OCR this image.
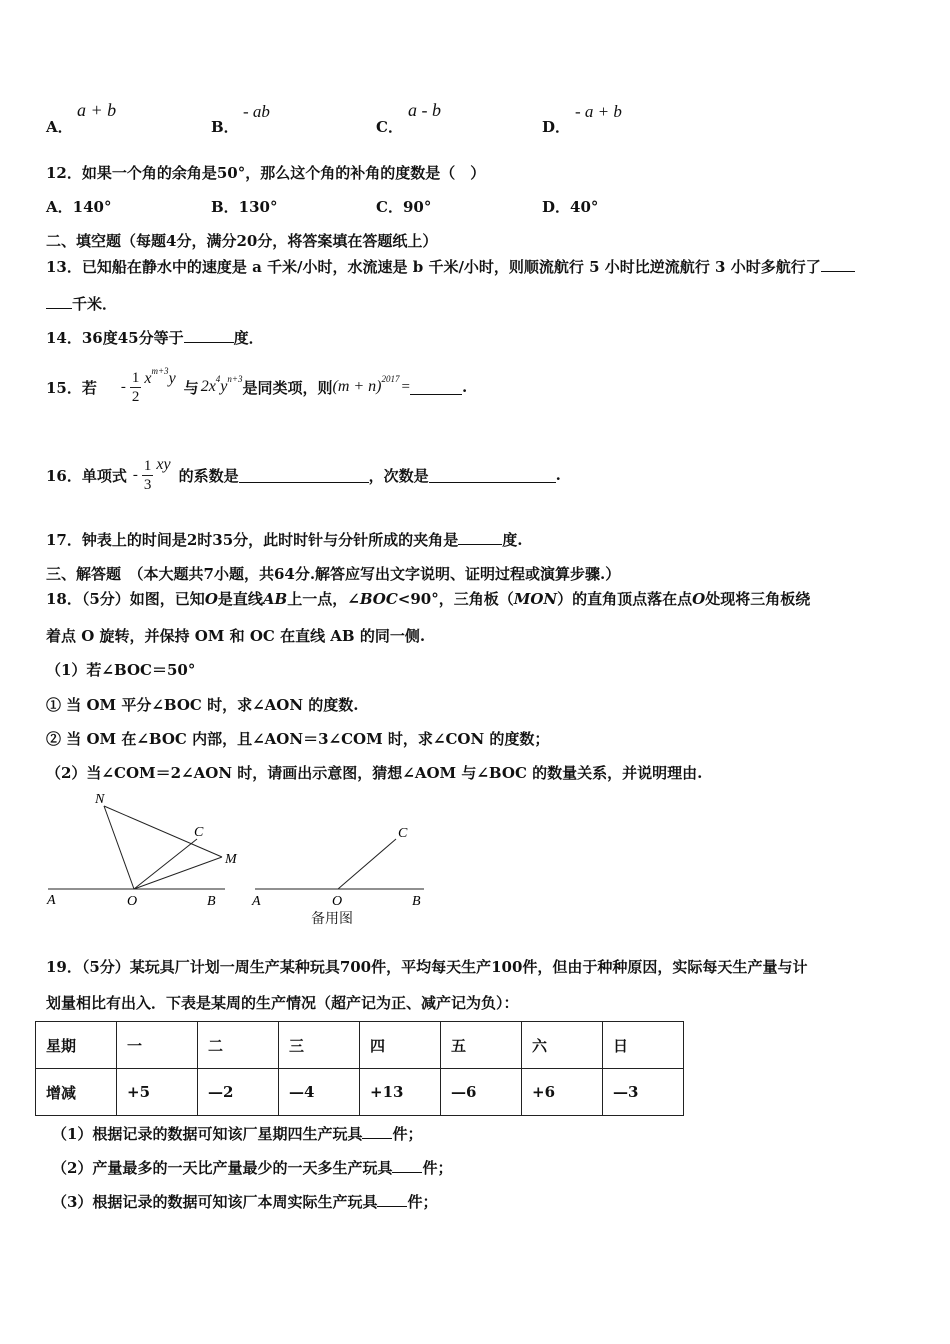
A．
a + b
B．
- ab
C．
a - b
D．
- a + b
12．如果一个角的余角是50°，那么这个角的补角的度数是（　）
A．140°	B．130°	C．90°	D．40°
二、填空题（每题4分，满分20分，将答案填在答题纸上）
13．已知船在静水中的速度是 a 千米/小时，水流速是 b 千米/小时，则顺流航行 5 小时比逆流航行 3 小时多航行了
千米．
14．36度45分等于	度．
15．若 - $\frac{1}{2} x^{m+3}y$ 与 $2x^4y^{n+3}$ 是同类项，则 $(m + n)^{2017}$ =	.
16．单项式 - $\frac{1}{3}$ xy
的系数是	，次数是	.
17．钟表上的时间是2时35分，此时时针与分针所成的夹角是	度.
三、解答题　（本大题共7小题，共64分.解答应写出文字说明、证明过程或演算步骤.）
18．（5分）如图，已知O是直线AB上一点，∠BOC<90°，三角板（MON）的直角顶点落在点O处现将三角板绕
着点 O 旋转，并保持 OM 和 OC 在直线 AB 的同一侧.
（1）若∠BOC＝50°
① 当 OM 平分∠BOC 时，求∠AON 的度数.
② 当 OM 在∠BOC 内部，且∠AON＝3∠COM 时，求∠CON 的度数；
（2）当∠COM＝2∠AON 时，请画出示意图，猜想∠AOM 与∠BOC 的数量关系，并说明理由.
N
C
M
A	O	B
C
A	O	B
备用图
19．（5分）某玩具厂计划一周生产某种玩具700件，平均每天生产100件，但由于种种原因，实际每天生产量与计
划量相比有出入．下表是某周的生产情况（超产记为正、减产记为负）：
星期	一	二	三	四	五	六	日
增减	+5	—2	—4	+13	—6	+6	—3
（1）根据记录的数据可知该厂星期四生产玩具 件；
（2）产量最多的一天比产量最少的一天多生产玩具 件；
（3）根据记录的数据可知该厂本周实际生产玩具 件；
